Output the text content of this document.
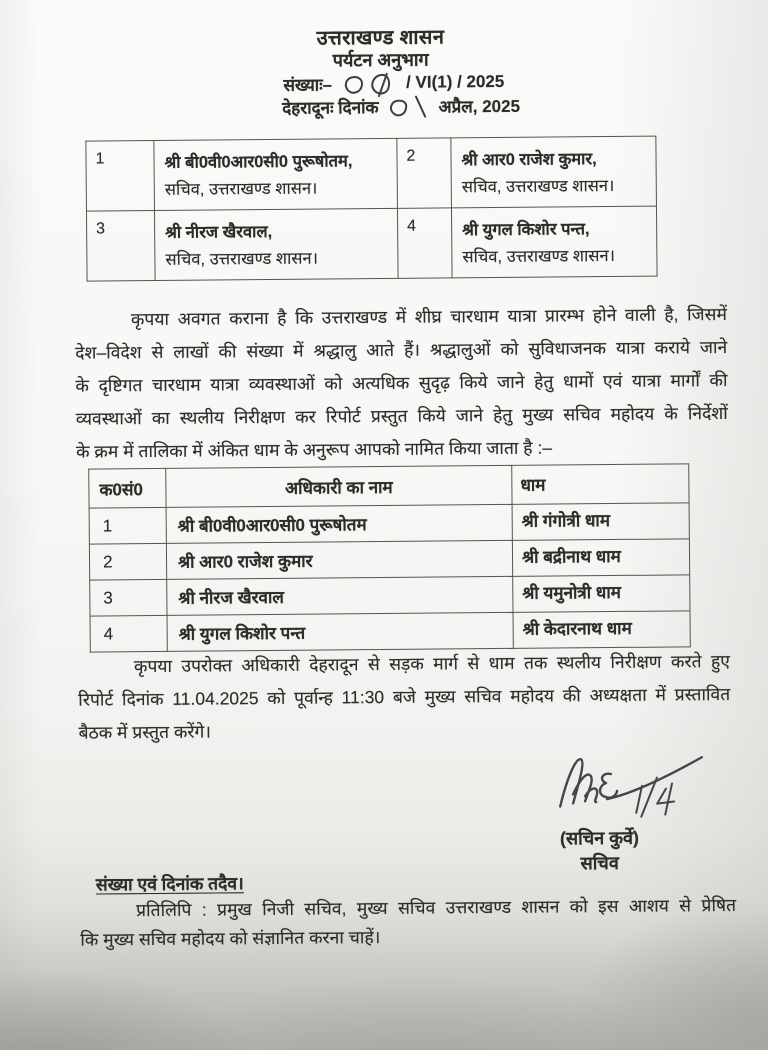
उत्तराखण्ड शासन
पर्यटन अनुभाग
संख्याः–	/ VI(1) / 2025
देहरादूनः दिनांक	अप्रैल, 2025
1	श्री बी0वी0आर0सी0 पुरूषोतम,
सचिव, उत्तराखण्ड शासन।
	2	श्री आर0 राजेश कुमार,
सचिव, उत्तराखण्ड शासन।

3	श्री नीरज खैरवाल,
सचिव, उत्तराखण्ड शासन।
	4	श्री युगल किशोर पन्त,
सचिव, उत्तराखण्ड शासन।
कृपया अवगत कराना है कि उत्तराखण्ड में शीघ्र चारधाम यात्रा प्रारम्भ होने वाली है, जिसमें
देश–विदेश से लाखों की संख्या में श्रद्धालु आते हैं। श्रद्धालुओं को सुविधाजनक यात्रा कराये जाने
के दृष्टिगत चारधाम यात्रा व्यवस्थाओं को अत्यधिक सुदृढ़ किये जाने हेतु धामों एवं यात्रा मार्गों की
व्यवस्थाओं का स्थलीय निरीक्षण कर रिपोर्ट प्रस्तुत किये जाने हेतु मुख्य सचिव महोदय के निर्देशों
के क्रम में तालिका में अंकित धाम के अनुरूप आपको नामित किया जाता है :–
क0सं0	अधिकारी का नाम	धाम
1	श्री बी0वी0आर0सी0 पुरूषोतम	श्री गंगोत्री धाम
2	श्री आर0 राजेश कुमार	श्री बद्रीनाथ धाम
3	श्री नीरज खैरवाल	श्री यमुनोत्री धाम
4	श्री युगल किशोर पन्त	श्री केदारनाथ धाम
कृपया उपरोक्त अधिकारी देहरादून से सड़क मार्ग से धाम तक स्थलीय निरीक्षण करते हुए
रिपोर्ट दिनांक 11.04.2025 को पूर्वान्ह 11:30 बजे मुख्य सचिव महोदय की अध्यक्षता में प्रस्तावित
बैठक में प्रस्तुत करेंगे।
(सचिन कुर्वे)
सचिव
संख्या एवं दिनांक तदैव।
प्रतिलिपि : प्रमुख निजी सचिव, मुख्य सचिव उत्तराखण्ड शासन को इस आशय से प्रेषित
कि मुख्य सचिव महोदय को संज्ञानित करना चाहें।
